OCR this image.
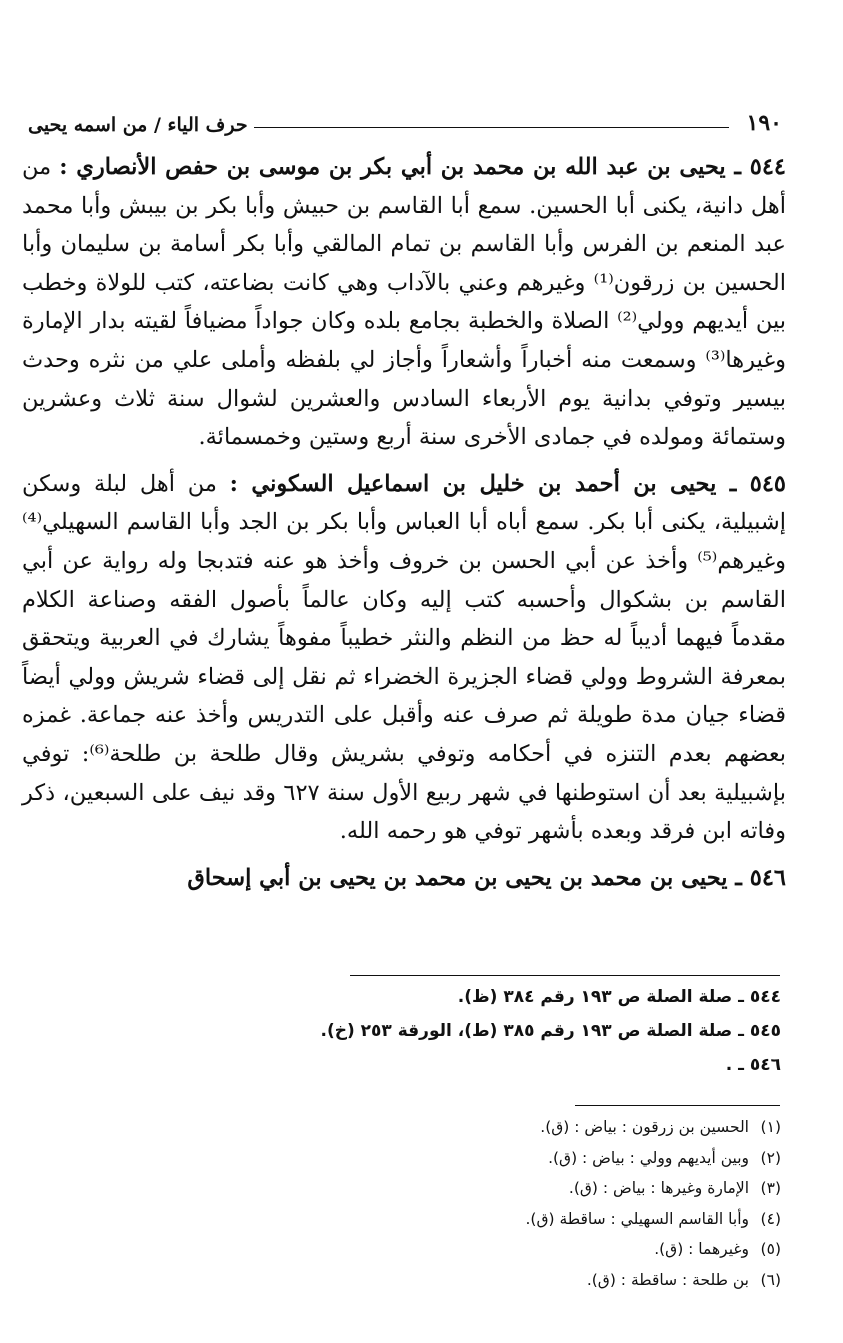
١٩٠
حرف الياء / من اسمه يحيى

٥٤٤ ـ يحيى بن عبد الله بن محمد بن أبي بكر بن موسى بن حفص الأنصاري : من أهل دانية، يكنى أبا الحسين. سمع أبا القاسم بن حبيش وأبا بكر بن بيبش وأبا محمد عبد المنعم بن الفرس وأبا القاسم بن تمام المالقي وأبا بكر أسامة بن سليمان وأبا الحسين بن زرقون⁽¹⁾ وغيرهم وعني بالآداب وهي كانت بضاعته، كتب للولاة وخطب بين أيديهم وولي⁽²⁾ الصلاة والخطبة بجامع بلده وكان جواداً مضيافاً لقيته بدار الإمارة وغيرها⁽³⁾ وسمعت منه أخباراً وأشعاراً وأجاز لي بلفظه وأملى علي من نثره وحدث بيسير وتوفي بدانية يوم الأربعاء السادس والعشرين لشوال سنة ثلاث وعشرين وستمائة ومولده في جمادى الأخرى سنة أربع وستين وخمسمائة.

٥٤٥ ـ يحيى بن أحمد بن خليل بن اسماعيل السكوني : من أهل لبلة وسكن إشبيلية، يكنى أبا بكر. سمع أباه أبا العباس وأبا بكر بن الجد وأبا القاسم السهيلي⁽⁴⁾ وغيرهم⁽⁵⁾ وأخذ عن أبي الحسن بن خروف وأخذ هو عنه فتدبجا وله رواية عن أبي القاسم بن بشكوال وأحسبه كتب إليه وكان عالماً بأصول الفقه وصناعة الكلام مقدماً فيهما أديباً له حظ من النظم والنثر خطيباً مفوهاً يشارك في العربية ويتحقق بمعرفة الشروط وولي قضاء الجزيرة الخضراء ثم نقل إلى قضاء شريش وولي أيضاً قضاء جيان مدة طويلة ثم صرف عنه وأقبل على التدريس وأخذ عنه جماعة. غمزه بعضهم بعدم التنزه في أحكامه وتوفي بشريش وقال طلحة بن طلحة⁽⁶⁾: توفي بإشبيلية بعد أن استوطنها في شهر ربيع الأول سنة ٦٢٧ وقد نيف على السبعين، ذكر وفاته ابن فرقد وبعده بأشهر توفي هو رحمه الله.

٥٤٦ ـ يحيى بن محمد بن يحيى بن محمد بن يحيى بن أبي إسحاق

٥٤٤ ـ صلة الصلة ص ١٩٣ رقم ٣٨٤ (ظ).
٥٤٥ ـ صلة الصلة ص ١٩٣ رقم ٣٨٥ (ط)، الورقة ٢٥٣ (خ).
٥٤٦ ـ .
(١)الحسين بن زرقون : بياض : (ق).
(٢)وبين أيديهم وولي : بياض : (ق).
(٣)الإمارة وغيرها : بياض : (ق).
(٤)وأبا القاسم السهيلي : ساقطة (ق).
(٥)وغيرهما : (ق).
(٦)بن طلحة : ساقطة : (ق).
